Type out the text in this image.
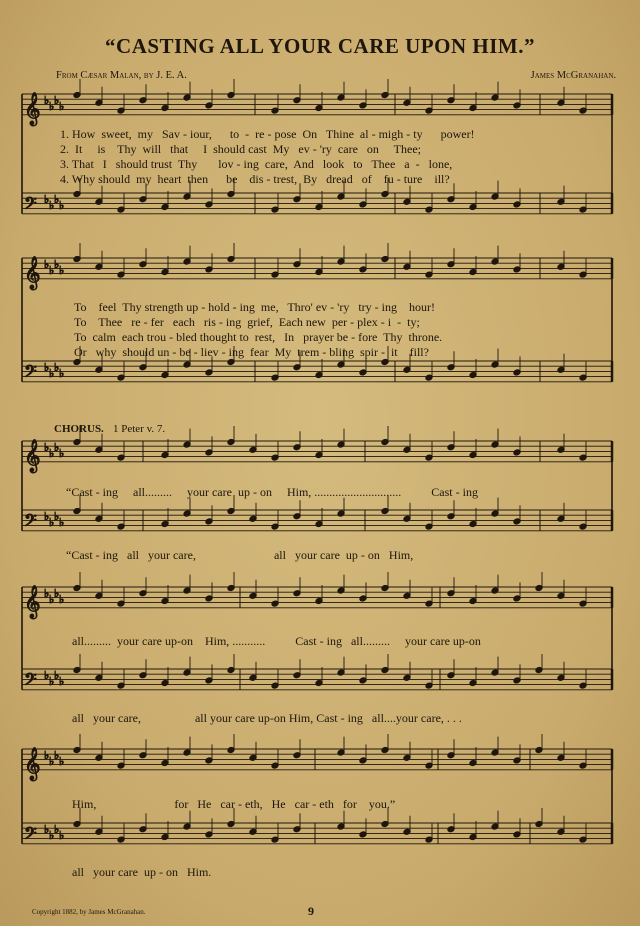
“CASTING ALL YOUR CARE UPON HIM.”
From Cæsar Malan, by J. E. A.	James McGranahan.
𝄞 ♭ ♭ ♭ ♭
𝄢 ♭ ♭ ♭ ♭
𝄞 ♭ ♭ ♭ ♭
𝄢 ♭ ♭ ♭ ♭
𝄞 ♭ ♭ ♭ ♭
𝄢 ♭ ♭ ♭ ♭
𝄞 ♭ ♭ ♭ ♭
𝄢 ♭ ♭ ♭ ♭
𝄞 ♭ ♭ ♭ ♭
𝄢 ♭ ♭ ♭ ♭
1. How  sweet,  my   Sav - iour,      to  -  re - pose  On   Thine  al - migh - ty      power!
2.  It     is    Thy  will   that     I  should cast  My   ev - 'ry  care   on     Thee;
3. That   I   should trust  Thy       lov - ing  care,  And   look   to   Thee   a  -   lone,
4. Why should  my  heart  then      be    dis - trest,  By   dread   of    fu - ture    ill?
To    feel  Thy strength up - hold - ing  me,   Thro' ev - 'ry   try - ing    hour!
To    Thee   re - fer   each   ris - ing  grief,  Each new  per - plex - i  -  ty;
To  calm  each trou - bled thought to  rest,   In   prayer be - fore  Thy  throne.
Or   why  should un - be - liev - ing  fear  My  trem - bling  spir -  it    fill?
CHORUS. 1 Peter v. 7.
“Cast - ing     all.........     your care  up - on     Him, .............................          Cast - ing
“Cast - ing   all   your care,                          all   your care  up - on   Him,
all.........  your care up-on    Him, ...........          Cast - ing   all.........     your care up-on
all   your care,                  all your care up-on Him, Cast - ing   all....your care, . . .
Him,                          for   He   car - eth,   He   car - eth   for    you.”
all   your care  up - on   Him.
Copyright 1882, by James McGranahan.	9
